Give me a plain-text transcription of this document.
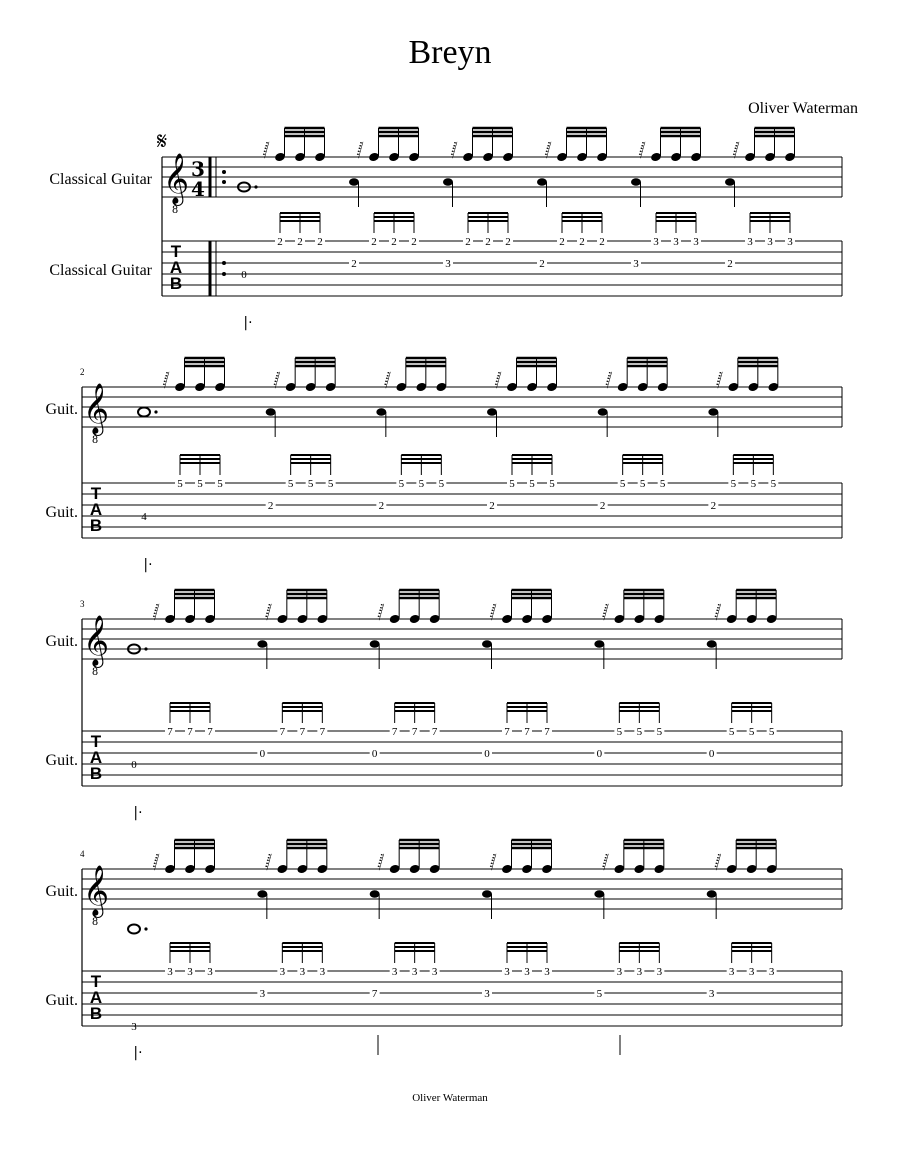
Breyn
Oliver Waterman
Oliver Waterman
𝄞
8
T
A
B
𝄋
3
4
0
𝅂
2 2 2
𝅂
2 2 2
2
𝅂
2 2 2
3
𝅂
2 2 2
2
𝅂
3 3 3
3
𝅂
3 3 3
2
|·
Classical Guitar
Classical Guitar
𝄞
8
T
A
B	4
𝅂
5 5 5
𝅂
5 5 5
2
𝅂
5 5 5
2
𝅂
5 5 5
2
𝅂
5 5 5
2
𝅂
5 5 5
2
|·
Guit.
Guit.
2
𝄞
8
T
A
B	0
𝅂
7 7 7
𝅂
7 7 7
0
𝅂
7 7 7
0
𝅂
7 7 7
0
𝅂
5 5 5
0
𝅂
5 5 5
0
|·
Guit.
Guit.
3
𝄞
8
T
A
B
3
𝅂
3 3 3
𝅂
3 3 3
3
𝅂
3 3 3
7
𝅂
3 3 3
3
𝅂
3 3 3
5
𝅂
3 3 3
3
|·
Guit.
Guit.
4
